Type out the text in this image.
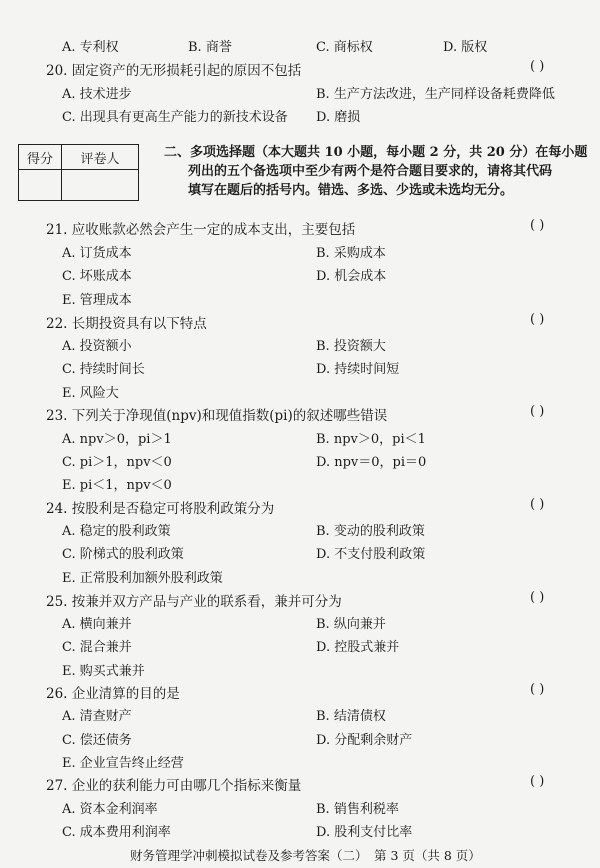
A. 专利权	B. 商誉	C. 商标权	D. 版权
20. 固定资产的无形损耗引起的原因不包括	( )
A. 技术进步	B. 生产方法改进，生产同样设备耗费降低
C. 出现具有更高生产能力的新技术设备 D. 磨损
得分	评卷人
		二、多项选择题（本大题共 10 小题，每小题 2 分，共 20 分）在每小题
列出的五个备选项中至少有两个是符合题目要求的，请将其代码
填写在题后的括号内。错选、多选、少选或未选均无分。
21. 应收账款必然会产生一定的成本支出，主要包括	( )
A. 订货成本	B. 采购成本
C. 坏账成本	D. 机会成本
E. 管理成本
22. 长期投资具有以下特点	( )
A. 投资额小	B. 投资额大
C. 持续时间长	D. 持续时间短
E. 风险大
23. 下列关于净现值(npv)和现值指数(pi)的叙述哪些错误	( )
A. npv＞0，pi＞1	B. npv＞0，pi＜1
C. pi＞1，npv＜0	D. npv＝0，pi＝0
E. pi＜1，npv＜0
24. 按股利是否稳定可将股利政策分为	( )
A. 稳定的股利政策	B. 变动的股利政策
C. 阶梯式的股利政策	D. 不支付股利政策
E. 正常股利加额外股利政策
25. 按兼并双方产品与产业的联系看，兼并可分为	( )
A. 横向兼并	B. 纵向兼并
C. 混合兼并	D. 控股式兼并
E. 购买式兼并
26. 企业清算的目的是	( )
A. 清查财产	B. 结清债权
C. 偿还债务	D. 分配剩余财产
E. 企业宣告终止经营
27. 企业的获利能力可由哪几个指标来衡量	( )
A. 资本金利润率	B. 销售利税率
C. 成本费用利润率	D. 股利支付比率
财务管理学冲刺模拟试卷及参考答案（二） 第 3 页（共 8 页）
